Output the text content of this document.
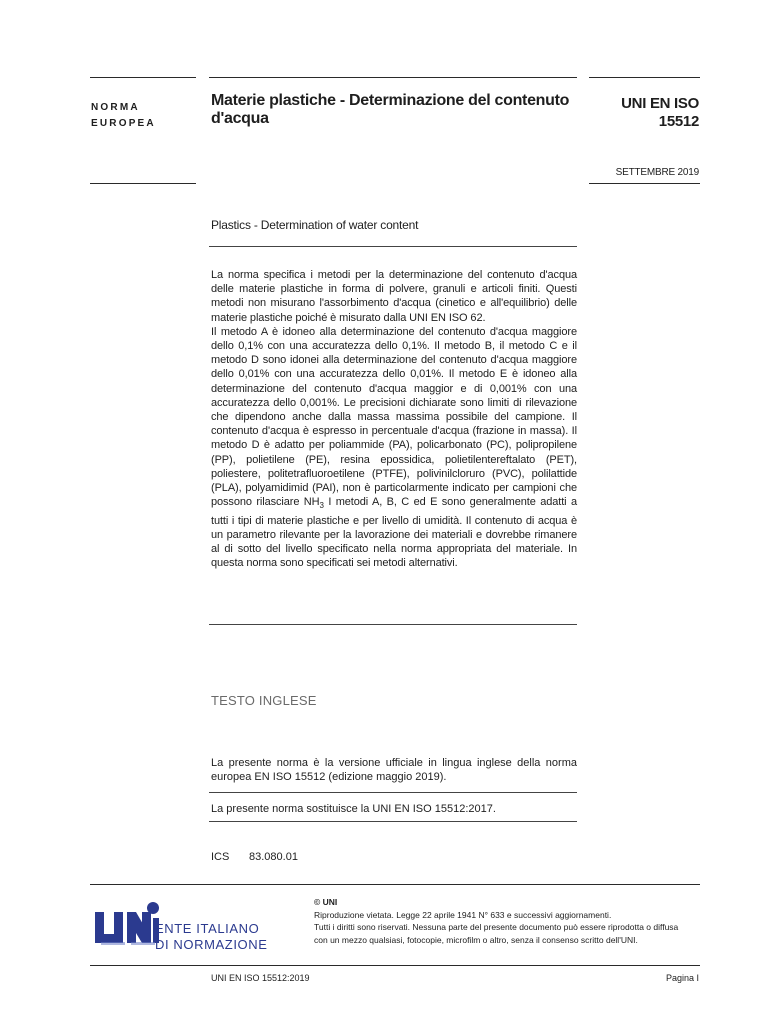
NORMA
EUROPEA
Materie plastiche - Determinazione del contenuto
d'acqua
UNI EN ISO
15512
SETTEMBRE 2019
Plastics - Determination of water content

La norma specifica i metodi per la determinazione del contenuto d'acqua delle materie plastiche in forma di polvere, granuli e articoli finiti. Questi metodi non misurano l'assorbimento d'acqua (cinetico e all'equilibrio) delle materie plastiche poiché è misurato dalla UNI EN ISO 62.

Il metodo A è idoneo alla determinazione del contenuto d'acqua maggiore dello 0,1% con una accuratezza dello 0,1%. Il metodo B, il metodo C e il metodo D sono idonei alla determinazione del contenuto d'acqua maggiore dello 0,01% con una accuratezza dello 0,01%. Il metodo E è idoneo alla determinazione del contenuto d'acqua maggior e di 0,001% con una accuratezza dello 0,001%. Le precisioni dichiarate sono limiti di rilevazione che dipendono anche dalla massa massima possibile del campione. Il contenuto d'acqua è espresso in percentuale d'acqua (frazione in massa). Il metodo D è adatto per poliammide (PA), policarbonato (PC), polipropilene (PP), polietilene (PE), resina epossidica, polietilentereftalato (PET), poliestere, politetrafluoroetilene (PTFE), polivinilcloruro (PVC), polilattide (PLA), polyamidimid (PAI), non è particolarmente indicato per campioni che possono rilasciare $NH_3$ I metodi A, B, C ed E sono generalmente adatti a tutti i tipi di materie plastiche e per livello di umidità. Il contenuto di acqua è un parametro rilevante per la lavorazione dei materiali e dovrebbe rimanere al di sotto del livello specificato nella norma appropriata del materiale. In questa norma sono specificati sei metodi alternativi.

TESTO INGLESE
La presente norma è la versione ufficiale in lingua inglese della norma europea EN ISO 15512 (edizione maggio 2019).
La presente norma sostituisce la UNI EN ISO 15512:2017.
ICS 83.080.01
ENTE ITALIANO
DI NORMAZIONE
© UNI
Riproduzione vietata. Legge 22 aprile 1941 N° 633 e successivi aggiornamenti.
Tutti i diritti sono riservati. Nessuna parte del presente documento può essere riprodotta o diffusa
con un mezzo qualsiasi, fotocopie, microfilm o altro, senza il consenso scritto dell'UNI.
UNI EN ISO 15512:2019	Pagina I
